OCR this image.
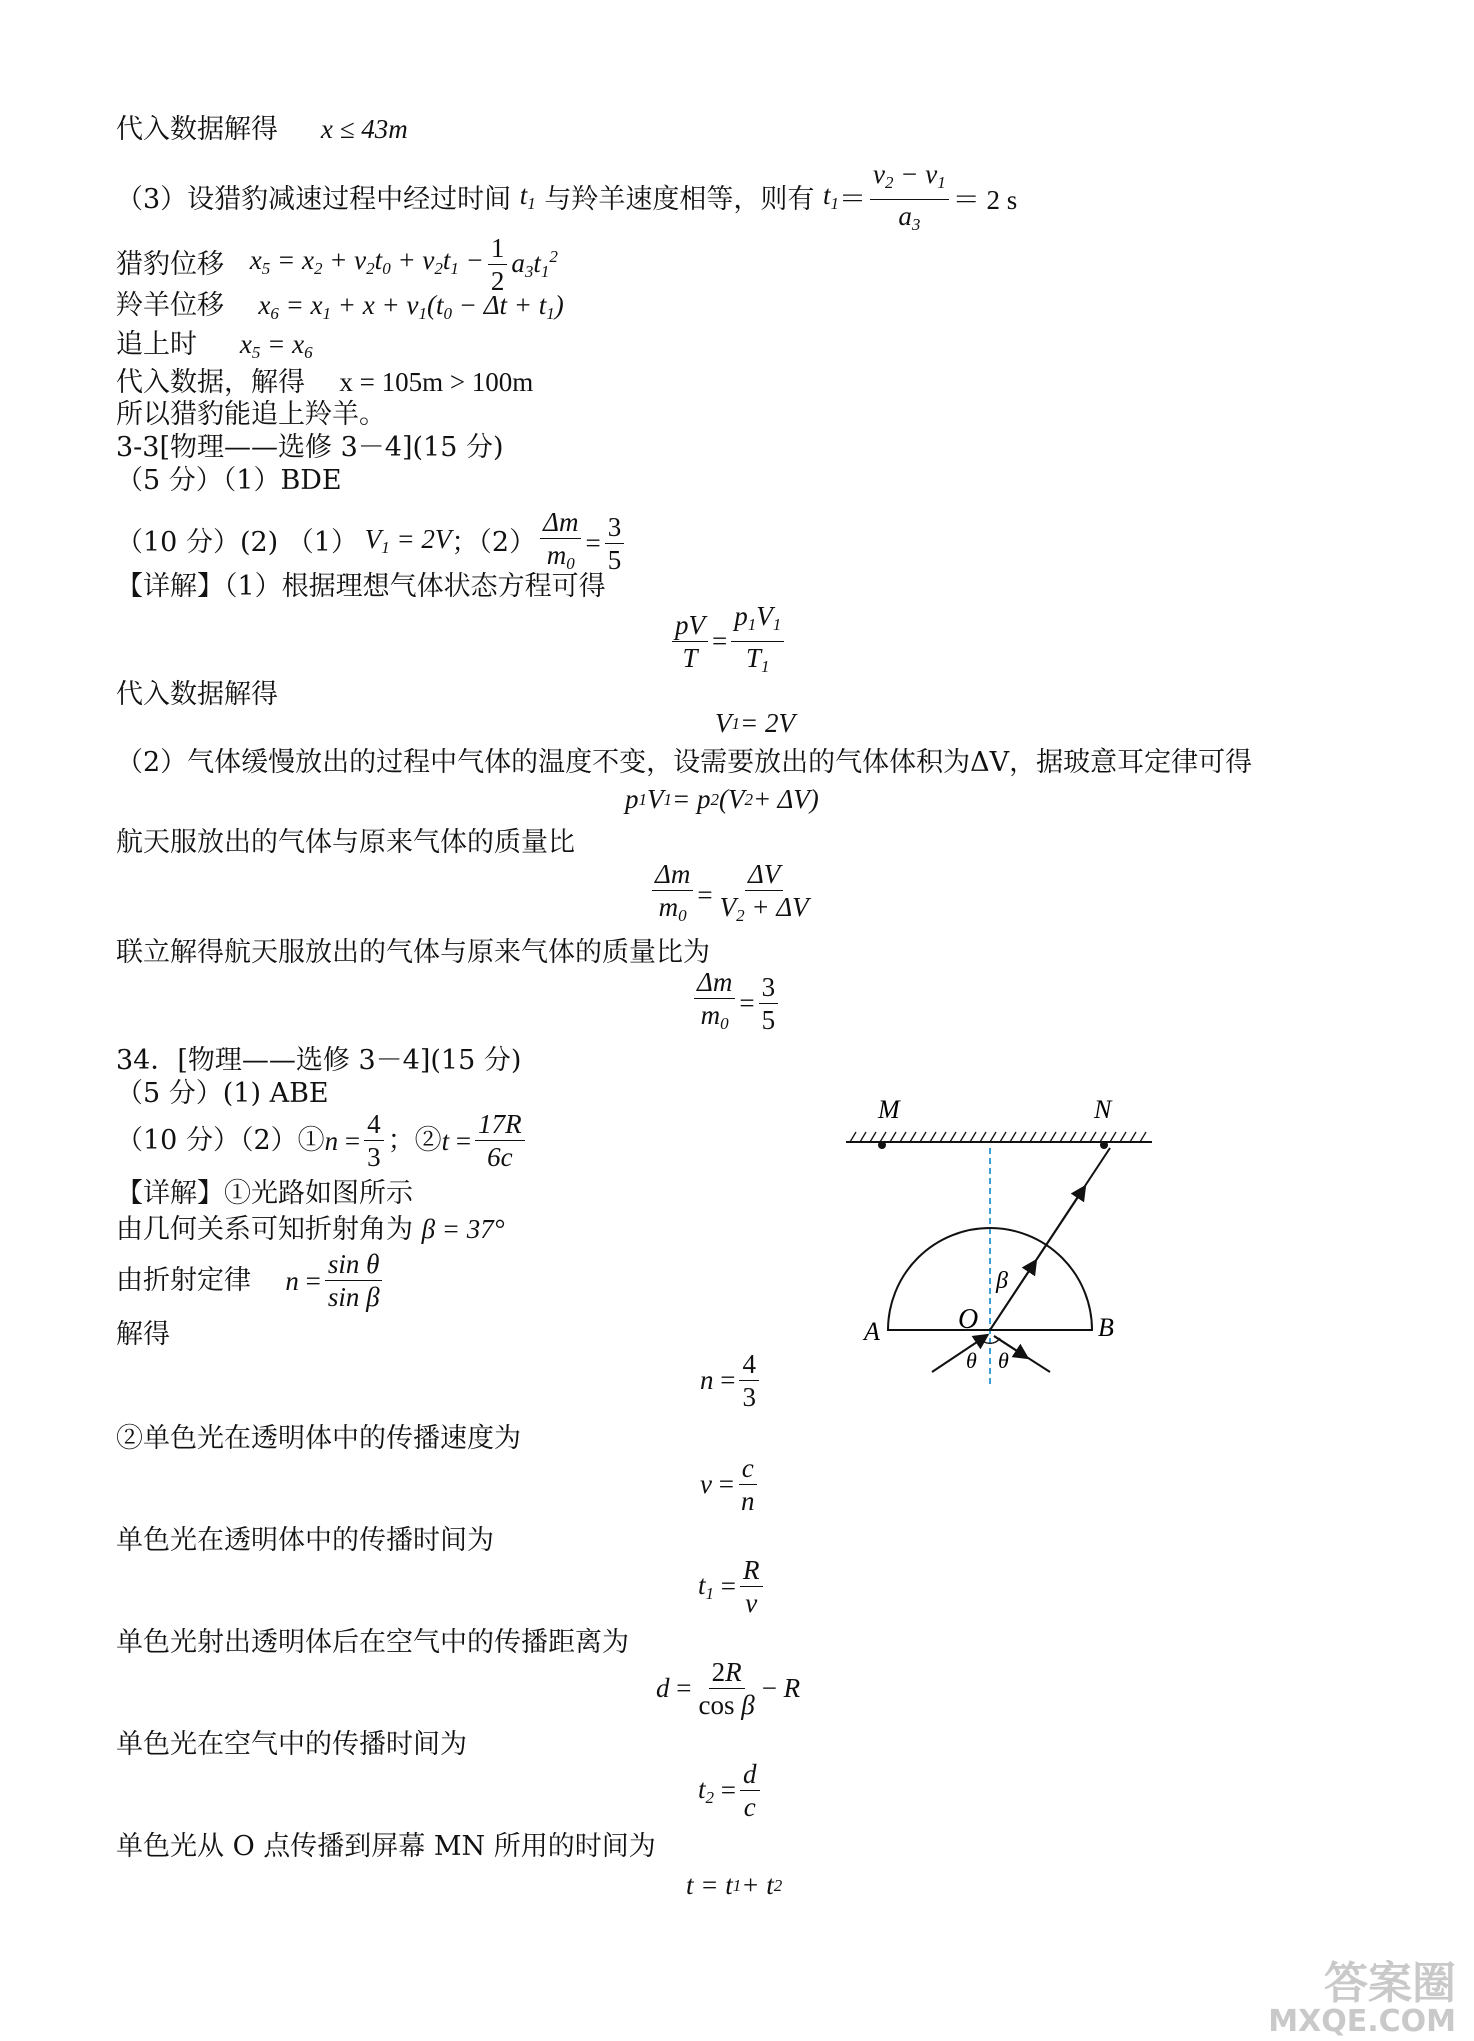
代入数据解得 x ≤ 43m
（3）设猎豹减速过程中经过时间
$t_1$
与羚羊速度相等，则有
$t_1 = \frac{v_2 - v_1}{a_3} = 2$ s
猎豹位移
$x_5 = x_2 + v_2t_0 + v_2t_1 - \frac{1}{2} a_3t_1^2$
羚羊位移 $x_6 = x_1 + x + v_1(t_0 - \Delta t + t_1)$
追上时 $x_5 = x_6$
代入数据，解得 x = 105m > 100m
所以猎豹能追上羚羊。
3-3[物理——选修 3－4](15 分)
（5 分）（1）BDE
（10 分）(2) （1） $V_1 = 2V$ ；$(2) \frac{\Delta m}{m_0} = \frac{3}{5}$
【详解】（1）根据理想气体状态方程可得
$\frac{pV}{T} = \frac{p_1V_1}{T_1}$
代入数据解得
V 1 = 2V
（2）气体缓慢放出的过程中气体的温度不变，设需要放出的气体体积为ΔV，据玻意耳定律可得
p 1 V 1 = p 2 (V 2 + ΔV)
航天服放出的气体与原来气体的质量比
$\frac{\Delta m}{m_0} = \frac{\Delta V}{V_2 + \Delta V}$
联立解得航天服放出的气体与原来气体的质量比为
$\frac{\Delta m}{m_0} = \frac{3}{5}$
34．[物理——选修 3－4](15 分)
（5 分）(1) ABE
（10 分）（2）① $n = \frac{4}{3}$ ；② $t = \frac{17R}{6c}$
【详解】①光路如图所示
由几何关系可知折射角为 β = 37°
由折射定律
$n = \frac{\text{sin θ}}{\text{sin β}}$
解得
$n = \frac{4}{3}$
②单色光在透明体中的传播速度为
$v = \frac{c}{n}$
单色光在透明体中的传播时间为
$t_1 = \frac{R}{v}$
单色光射出透明体后在空气中的传播距离为
$d = \frac{2R}{\text{cos β}} - R$
单色光在空气中的传播时间为
$t_2 = \frac{d}{c}$
单色光从 O 点传播到屏幕 MN 所用的时间为
t = t 1 + t 2
M	N
A	B
O
β
θ θ
答案圈
MXQE.COM
